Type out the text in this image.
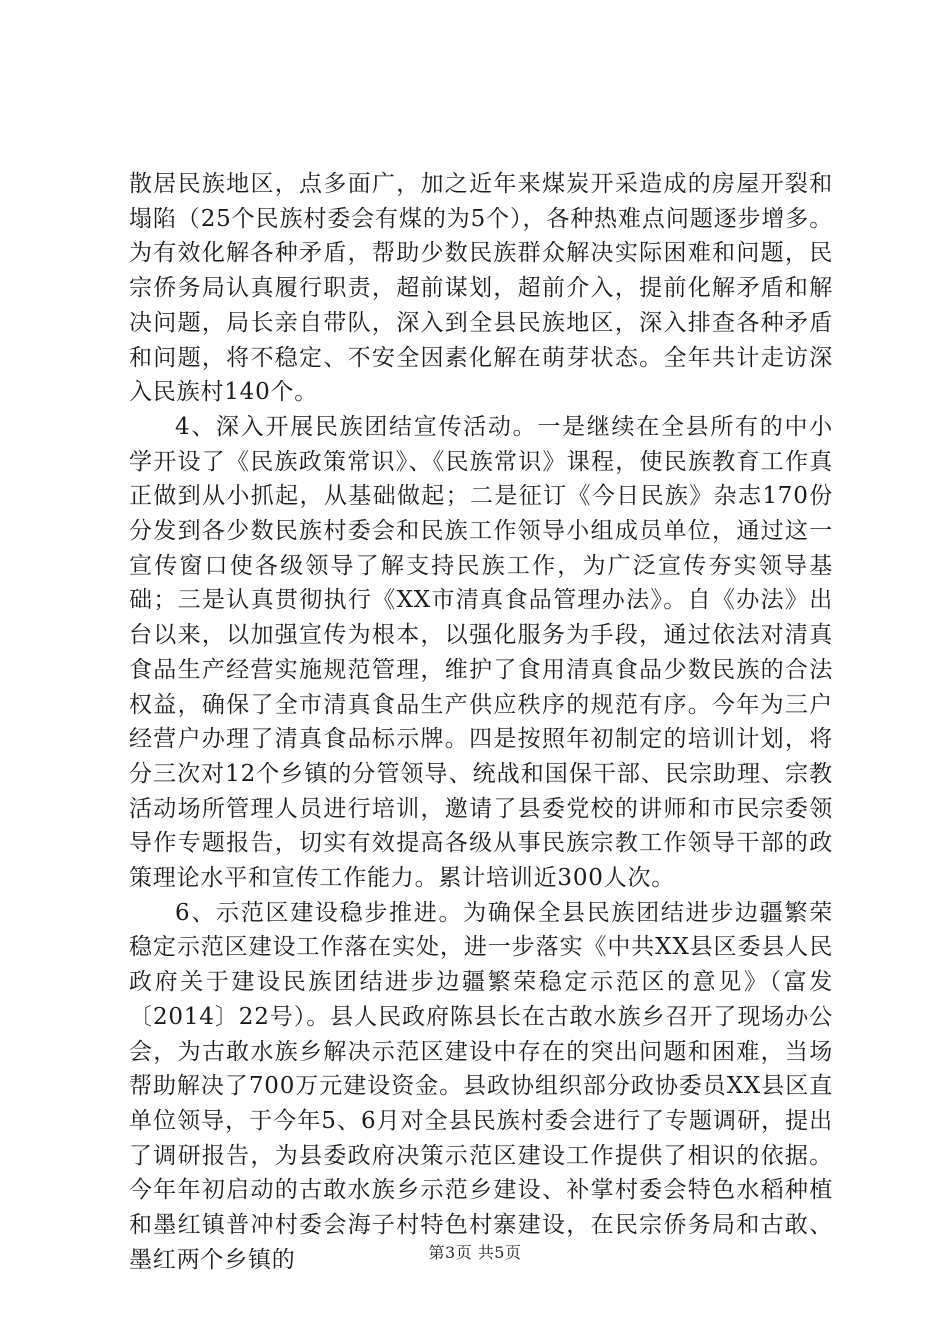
散居民族地区，点多面广，加之近年来煤炭开采造成的房屋开裂和塌陷（25个民族村委会有煤的为5个），各种热难点问题逐步增多。为有效化解各种矛盾，帮助少数民族群众解决实际困难和问题，民宗侨务局认真履行职责，超前谋划，超前介入，提前化解矛盾和解决问题，局长亲自带队，深入到全县民族地区，深入排查各种矛盾和问题，将不稳定、不安全因素化解在萌芽状态。全年共计走访深入民族村140个。

4、深入开展民族团结宣传活动。一是继续在全县所有的中小学开设了《民族政策常识》、《民族常识》课程，使民族教育工作真正做到从小抓起，从基础做起；二是征订《今日民族》杂志170份分发到各少数民族村委会和民族工作领导小组成员单位，通过这一宣传窗口使各级领导了解支持民族工作，为广泛宣传夯实领导基础；三是认真贯彻执行《XX市清真食品管理办法》。自《办法》出台以来，以加强宣传为根本，以强化服务为手段，通过依法对清真食品生产经营实施规范管理，维护了食用清真食品少数民族的合法权益，确保了全市清真食品生产供应秩序的规范有序。今年为三户经营户办理了清真食品标示牌。四是按照年初制定的培训计划，将分三次对12个乡镇的分管领导、统战和国保干部、民宗助理、宗教活动场所管理人员进行培训，邀请了县委党校的讲师和市民宗委领导作专题报告，切实有效提高各级从事民族宗教工作领导干部的政策理论水平和宣传工作能力。累计培训近300人次。

6、示范区建设稳步推进。为确保全县民族团结进步边疆繁荣稳定示范区建设工作落在实处，进一步落实《中共XX县区委县人民政府关于建设民族团结进步边疆繁荣稳定示范区的意见》（富发〔2014〕22号）。县人民政府陈县长在古敢水族乡召开了现场办公会，为古敢水族乡解决示范区建设中存在的突出问题和困难，当场帮助解决了700万元建设资金。县政协组织部分政协委员XX县区直单位领导，于今年5、6月对全县民族村委会进行了专题调研，提出了调研报告，为县委政府决策示范区建设工作提供了相识的依据。今年年初启动的古敢水族乡示范乡建设、补掌村委会特色水稻种植和墨红镇普冲村委会海子村特色村寨建设，在民宗侨务局和古敢、墨红两个乡镇的	第3页 共5页
